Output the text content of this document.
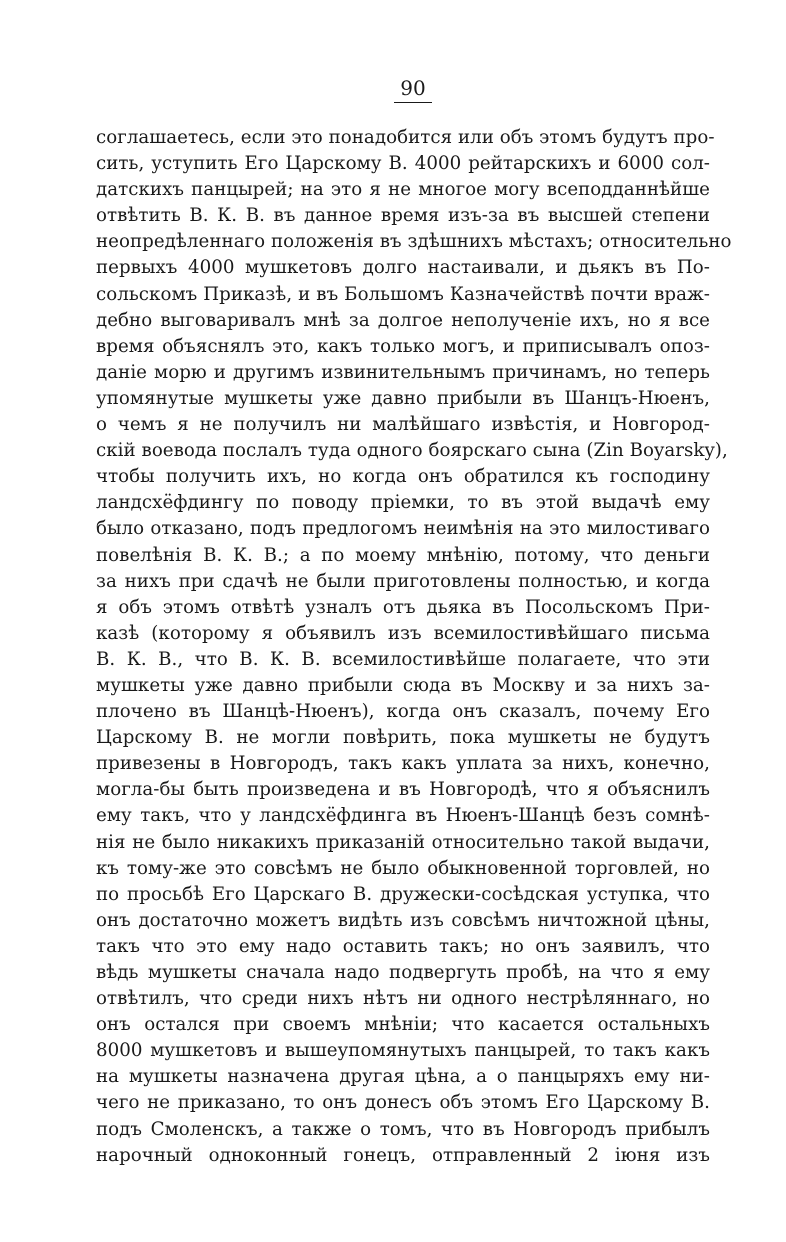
90
соглашаетесь, если это понадобится или объ этомъ будутъ про-
сить, уступить Его Царскому В. 4000 рейтарскихъ и 6000 сол-
датскихъ панцырей; на это я не многое могу всеподданнѣйше
отвѣтить В. К. В. въ данное время изъ-за въ высшей степени
неопредѣленнаго положенія въ здѣшнихъ мѣстахъ; относительно
первыхъ 4000 мушкетовъ долго настаивали, и дьякъ въ По-
сольскомъ Приказѣ, и въ Большомъ Казначействѣ почти враж-
дебно выговаривалъ мнѣ за долгое неполученіе ихъ, но я все
время объяснялъ это, какъ только могъ, и приписывалъ опоз-
даніе морю и другимъ извинительнымъ причинамъ, но теперь
упомянутые мушкеты уже давно прибыли въ Шанцъ-Нюенъ,
о чемъ я не получилъ ни малѣйшаго извѣстія, и Новгород-
скій воевода послалъ туда одного боярскаго сына (Zin Boyarsky),
чтобы получить ихъ, но когда онъ обратился къ господину
ландсхёфдингу по поводу пріемки, то въ этой выдачѣ ему
было отказано, подъ предлогомъ неимѣнія на это милостиваго
повелѣнія В. К. В.; а по моему мнѣнію, потому, что деньги
за нихъ при сдачѣ не были приготовлены полностью, и когда
я объ этомъ отвѣтѣ узналъ отъ дьяка въ Посольскомъ При-
казѣ (которому я объявилъ изъ всемилостивѣйшаго письма
В. К. В., что В. К. В. всемилостивѣйше полагаете, что эти
мушкеты уже давно прибыли сюда въ Москву и за нихъ за-
плочено въ Шанцѣ-Нюенъ), когда онъ сказалъ, почему Его
Царскому В. не могли повѣрить, пока мушкеты не будутъ
привезены в Новгородъ, такъ какъ уплата за нихъ, конечно,
могла-бы быть произведена и въ Новгородѣ, что я объяснилъ
ему такъ, что у ландсхёфдинга въ Нюенъ-Шанцѣ безъ сомнѣ-
нія не было никакихъ приказаній относительно такой выдачи,
къ тому-же это совсѣмъ не было обыкновенной торговлей, но
по просьбѣ Его Царскаго В. дружески-сосѣдская уступка, что
онъ достаточно можетъ видѣть изъ совсѣмъ ничтожной цѣны,
такъ что это ему надо оставить такъ; но онъ заявилъ, что
вѣдь мушкеты сначала надо подвергуть пробѣ, на что я ему
отвѣтилъ, что среди нихъ нѣтъ ни одного нестрѣляннаго, но
онъ остался при своемъ мнѣніи; что касается остальныхъ
8000 мушкетовъ и вышеупомянутыхъ панцырей, то такъ какъ
на мушкеты назначена другая цѣна, а о панцыряхъ ему ни-
чего не приказано, то онъ донесъ объ этомъ Его Царскому В.
подъ Смоленскъ, а также о томъ, что въ Новгородъ прибылъ
нарочный одноконный гонецъ, отправленный 2 іюня изъ
